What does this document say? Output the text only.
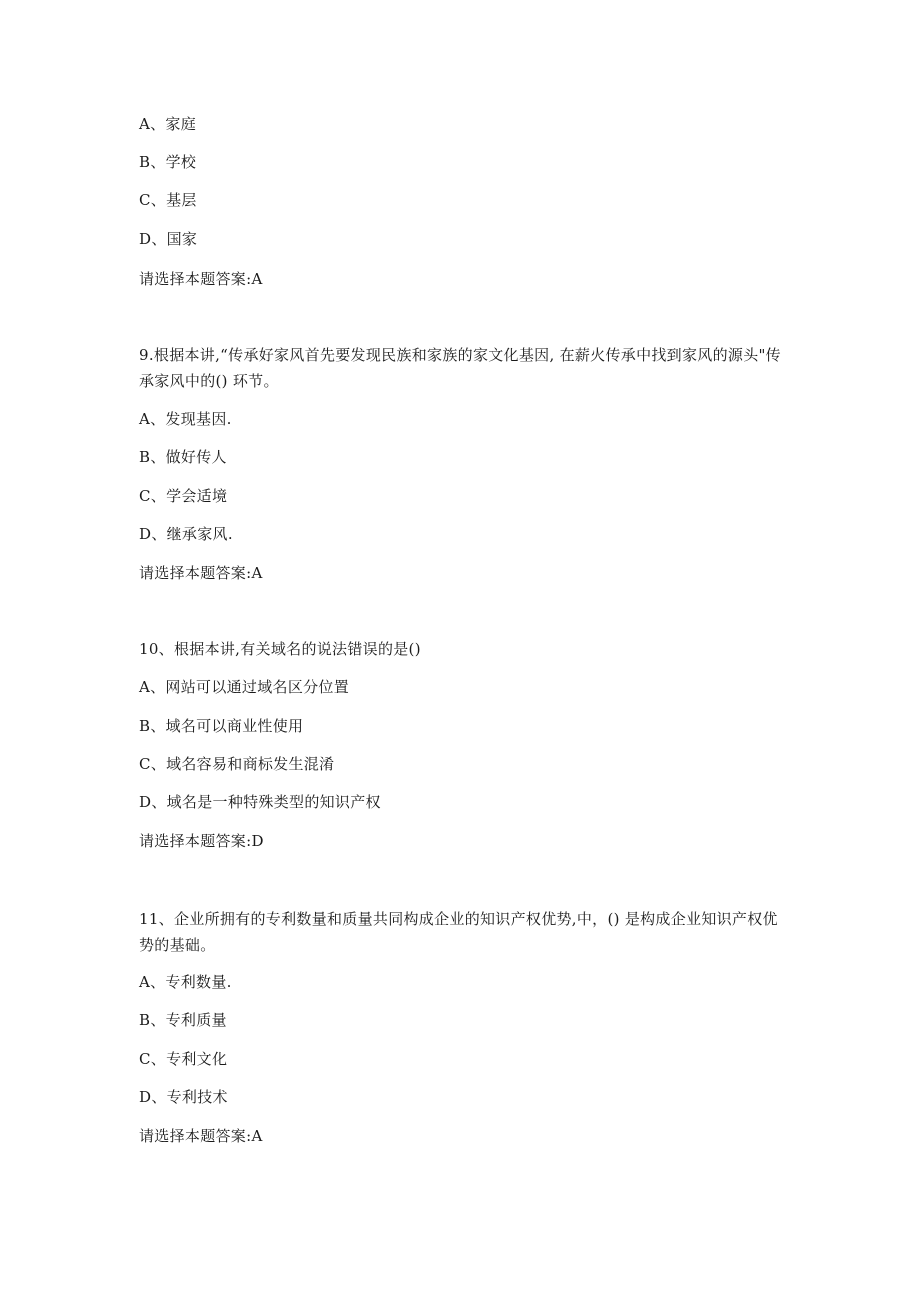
A、家庭
B、学校
C、基层
D、国家
请选择本题答案:A
9.根据本讲,“传承好家风首先要发现民族和家族的家文化基因, 在薪火传承中找到家风的源头"传承家风中的() 环节。
A、发现基因.
B、做好传人
C、学会适境
D、继承家风.
请选择本题答案:A
10、根据本讲,有关域名的说法错误的是()
A、网站可以通过域名区分位置
B、域名可以商业性使用
C、域名容易和商标发生混淆
D、域名是一种特殊类型的知识产权
请选择本题答案:D
11、企业所拥有的专利数量和质量共同构成企业的知识产权优势,中，() 是构成企业知识产权优势的基础。
A、专利数量.
B、专利质量
C、专利文化
D、专利技术
请选择本题答案:A
